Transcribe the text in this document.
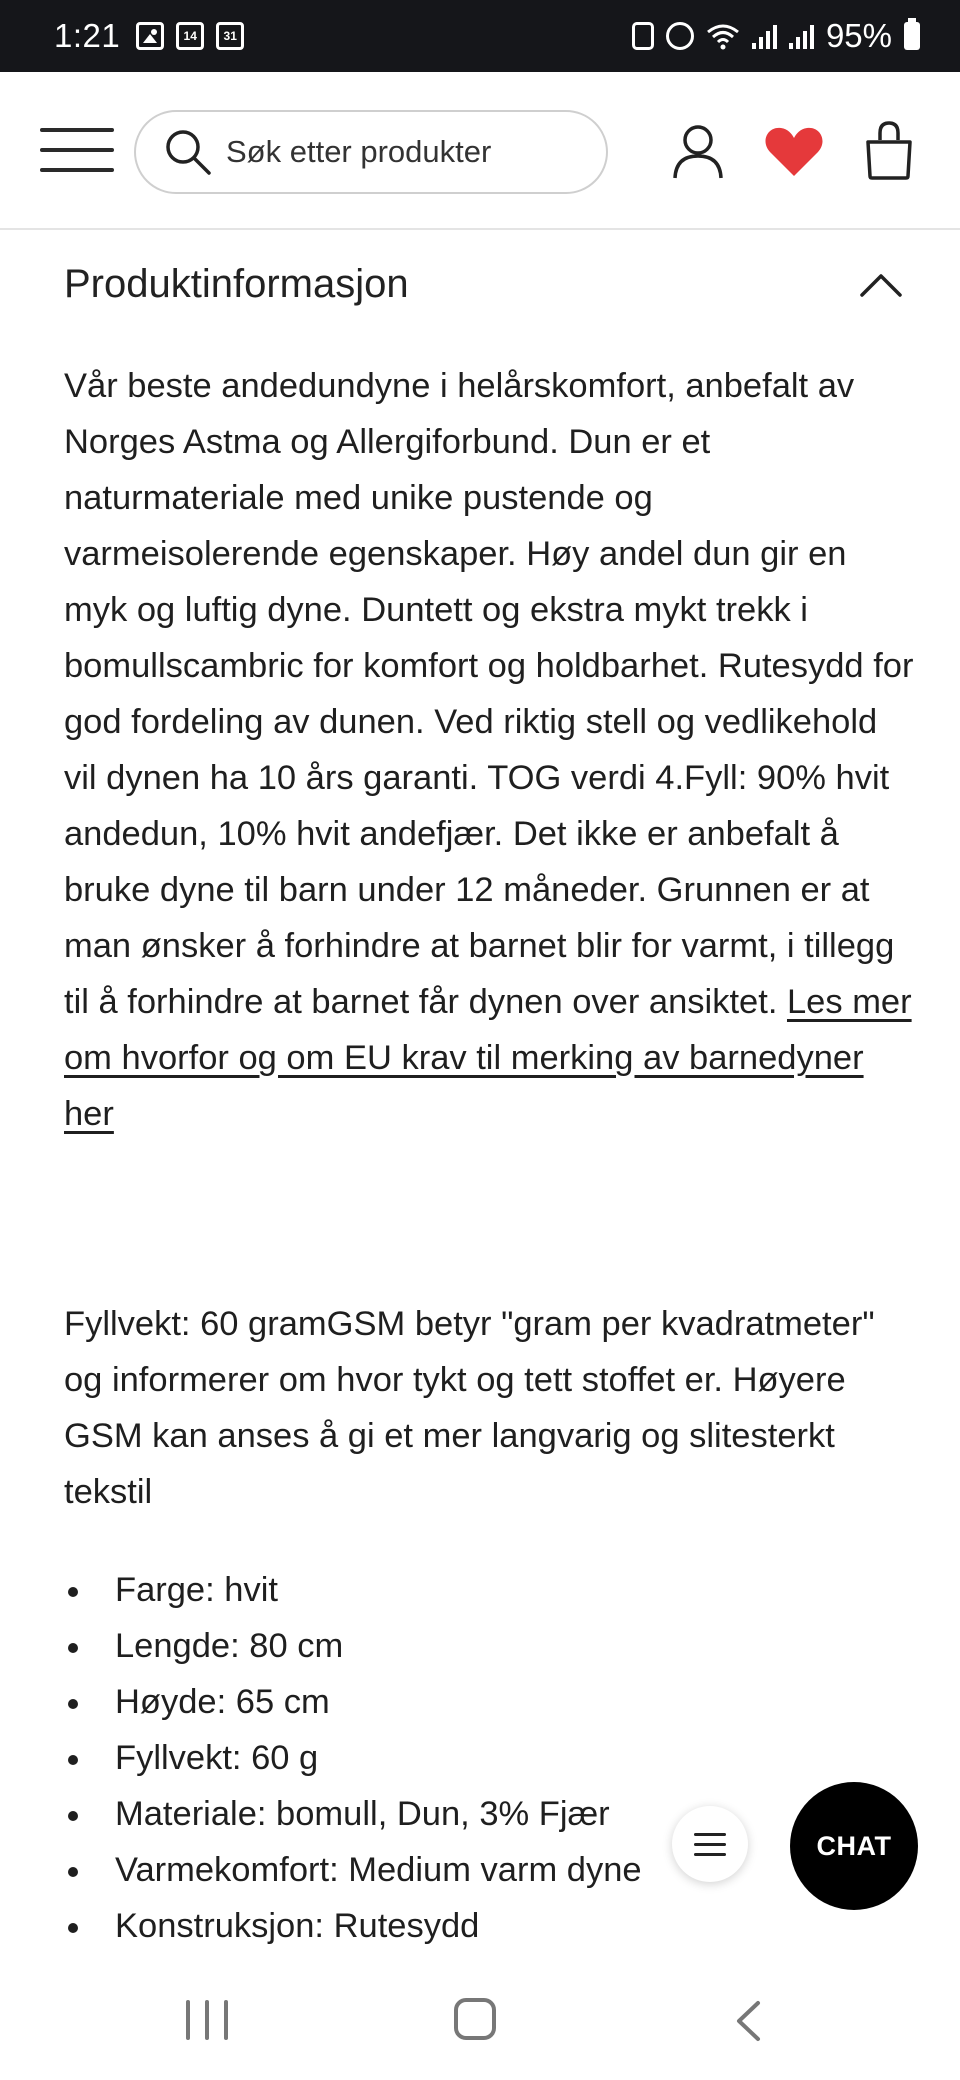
1:21	14	31	95%
Søk etter produkter
Produktinformasjon

Vår beste andedundyne i helårskomfort, anbefalt av Norges Astma og Allergiforbund. Dun er et naturmateriale med unike pustende og varmeisolerende egenskaper. Høy andel dun gir en myk og luftig dyne. Duntett og ekstra mykt trekk i bomullscambric for komfort og holdbarhet. Rutesydd for god fordeling av dunen. Ved riktig stell og vedlikehold vil dynen ha 10 års garanti. TOG verdi 4.Fyll: 90% hvit andedun, 10% hvit andefjær. Det ikke er anbefalt å bruke dyne til barn under 12 måneder. Grunnen er at man ønsker å forhindre at barnet blir for varmt, i tillegg til å forhindre at barnet får dynen over ansiktet. Les mer om hvorfor og om EU krav til merking av barnedyner her

Fyllvekt: 60 gramGSM betyr "gram per kvadratmeter" og informerer om hvor tykt og tett stoffet er. Høyere GSM kan anses å gi et mer langvarig og slitesterkt tekstil

Farge: hvit
Lengde: 80 cm
Høyde: 65 cm
Fyllvekt: 60 g
Materiale: bomull, Dun, 3% Fjær
Varmekomfort: Medium varm dyne
Konstruksjon: Rutesydd
CHAT
